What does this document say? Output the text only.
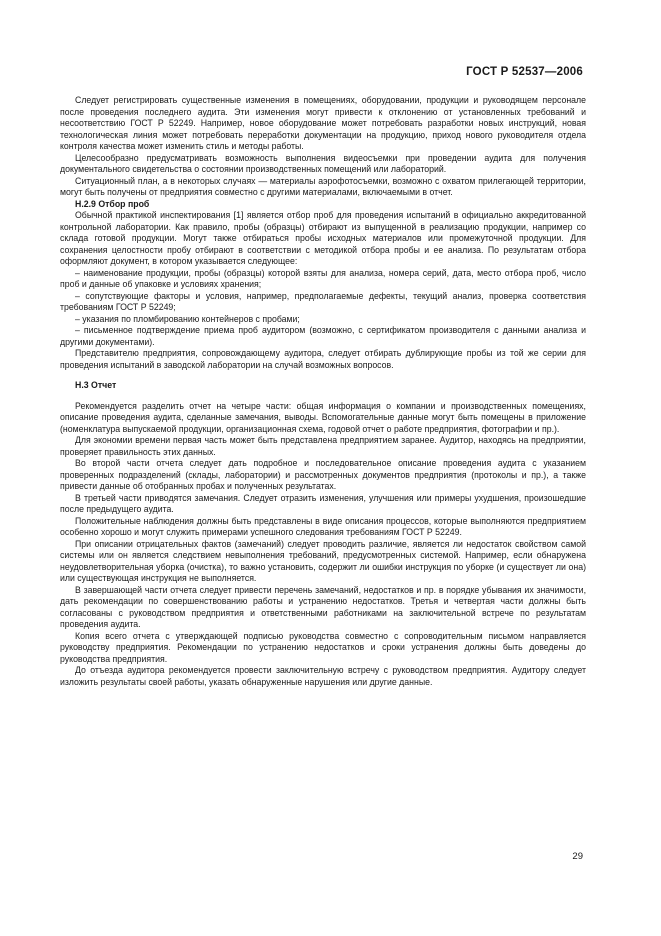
ГОСТ Р 52537—2006

Следует регистрировать существенные изменения в помещениях, оборудовании, продукции и руководящем персонале после проведения последнего аудита. Эти изменения могут привести к отклонению от установленных требований и несоответствию ГОСТ Р 52249. Например, новое оборудование может потребовать разработки новых инструкций, новая технологическая линия может потребовать переработки документации на продукцию, приход нового руководителя отдела контроля качества может изменить стиль и методы работы.

Целесообразно предусматривать возможность выполнения видеосъемки при проведении аудита для получения документального свидетельства о состоянии производственных помещений или лабораторий.

Ситуационный план, а в некоторых случаях — материалы аэрофотосъемки, возможно с охватом прилегающей территории, могут быть получены от предприятия совместно с другими материалами, включаемыми в отчет.

Н.2.9 Отбор проб

Обычной практикой инспектирования [1] является отбор проб для проведения испытаний в официально аккредитованной контрольной лаборатории. Как правило, пробы (образцы) отбирают из выпущенной в реализацию продукции, например со склада готовой продукции. Могут также отбираться пробы исходных материалов или промежуточной продукции. Для сохранения целостности пробу отбирают в соответствии с методикой отбора пробы и ее анализа. По результатам отбора оформляют документ, в котором указывается следующее:

– наименование продукции, пробы (образцы) которой взяты для анализа, номера серий, дата, место отбора проб, число проб и данные об упаковке и условиях хранения;

– сопутствующие факторы и условия, например, предполагаемые дефекты, текущий анализ, проверка соответствия требованиям ГОСТ Р 52249;

– указания по пломбированию контейнеров с пробами;

– письменное подтверждение приема проб аудитором (возможно, с сертификатом производителя с данными анализа и другими документами).

Представителю предприятия, сопровождающему аудитора, следует отбирать дублирующие пробы из той же серии для проведения испытаний в заводской лаборатории на случай возможных вопросов.

Н.3 Отчет

Рекомендуется разделить отчет на четыре части: общая информация о компании и производственных помещениях, описание проведения аудита, сделанные замечания, выводы. Вспомогательные данные могут быть помещены в приложение (номенклатура выпускаемой продукции, организационная схема, годовой отчет о работе предприятия, фотографии и пр.).

Для экономии времени первая часть может быть представлена предприятием заранее. Аудитор, находясь на предприятии, проверяет правильность этих данных.

Во второй части отчета следует дать подробное и последовательное описание проведения аудита с указанием проверенных подразделений (склады, лаборатории) и рассмотренных документов предприятия (протоколы и пр.), а также привести данные об отобранных пробах и полученных результатах.

В третьей части приводятся замечания. Следует отразить изменения, улучшения или примеры ухудшения, произошедшие после предыдущего аудита.

Положительные наблюдения должны быть представлены в виде описания процессов, которые выполняются предприятием особенно хорошо и могут служить примерами успешного следования требованиям ГОСТ Р 52249.

При описании отрицательных фактов (замечаний) следует проводить различие, является ли недостаток свойством самой системы или он является следствием невыполнения требований, предусмотренных системой. Например, если обнаружена неудовлетворительная уборка (очистка), то важно установить, содержит ли ошибки инструкция по уборке (и существует ли она) или существующая инструкция не выполняется.

В завершающей части отчета следует привести перечень замечаний, недостатков и пр. в порядке убывания их значимости, дать рекомендации по совершенствованию работы и устранению недостатков. Третья и четвертая части должны быть согласованы с руководством предприятия и ответственными работниками на заключительной встрече по результатам проведения аудита.

Копия всего отчета с утверждающей подписью руководства совместно с сопроводительным письмом направляется руководству предприятия. Рекомендации по устранению недостатков и сроки устранения должны быть доведены до руководства предприятия.

До отъезда аудитора рекомендуется провести заключительную встречу с руководством предприятия. Аудитору следует изложить результаты своей работы, указать обнаруженные нарушения или другие данные.

29
